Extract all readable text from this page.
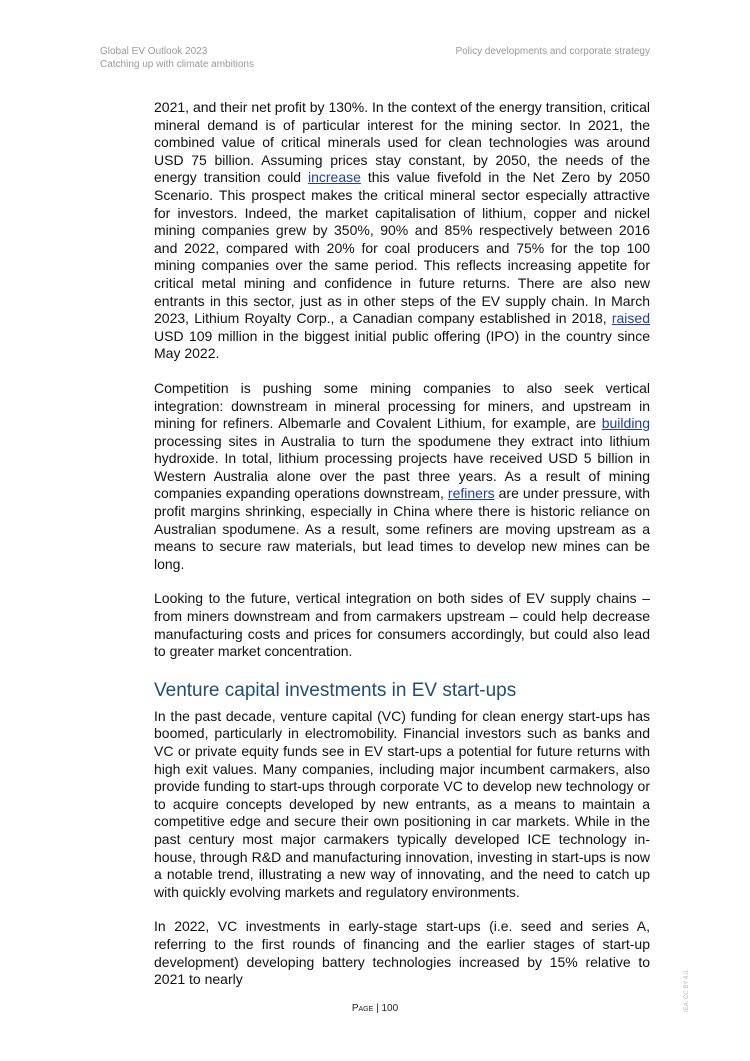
Global EV Outlook 2023
Catching up with climate ambitions
Policy developments and corporate strategy

2021, and their net profit by 130%. In the context of the energy transition, critical mineral demand is of particular interest for the mining sector. In 2021, the combined value of critical minerals used for clean technologies was around USD 75 billion. Assuming prices stay constant, by 2050, the needs of the energy transition could increase this value fivefold in the Net Zero by 2050 Scenario. This prospect makes the critical mineral sector especially attractive for investors. Indeed, the market capitalisation of lithium, copper and nickel mining companies grew by 350%, 90% and 85% respectively between 2016 and 2022, compared with 20% for coal producers and 75% for the top 100 mining companies over the same period. This reflects increasing appetite for critical metal mining and confidence in future returns. There are also new entrants in this sector, just as in other steps of the EV supply chain. In March 2023, Lithium Royalty Corp., a Canadian company established in 2018, raised USD 109 million in the biggest initial public offering (IPO) in the country since May 2022.

Competition is pushing some mining companies to also seek vertical integration: downstream in mineral processing for miners, and upstream in mining for refiners. Albemarle and Covalent Lithium, for example, are building processing sites in Australia to turn the spodumene they extract into lithium hydroxide. In total, lithium processing projects have received USD 5 billion in Western Australia alone over the past three years. As a result of mining companies expanding operations downstream, refiners are under pressure, with profit margins shrinking, especially in China where there is historic reliance on Australian spodumene. As a result, some refiners are moving upstream as a means to secure raw materials, but lead times to develop new mines can be long.

Looking to the future, vertical integration on both sides of EV supply chains – from miners downstream and from carmakers upstream – could help decrease manufacturing costs and prices for consumers accordingly, but could also lead to greater market concentration.

Venture capital investments in EV start-ups

In the past decade, venture capital (VC) funding for clean energy start-ups has boomed, particularly in electromobility. Financial investors such as banks and VC or private equity funds see in EV start-ups a potential for future returns with high exit values. Many companies, including major incumbent carmakers, also provide funding to start-ups through corporate VC to develop new technology or to acquire concepts developed by new entrants, as a means to maintain a competitive edge and secure their own positioning in car markets. While in the past century most major carmakers typically developed ICE technology in-house, through R&D and manufacturing innovation, investing in start-ups is now a notable trend, illustrating a new way of innovating, and the need to catch up with quickly evolving markets and regulatory environments.

In 2022, VC investments in early-stage start-ups (i.e. seed and series A, referring to the first rounds of financing and the earlier stages of start-up development) developing battery technologies increased by 15% relative to 2021 to nearly

Page | 100	IEA. CC BY 4.0.
